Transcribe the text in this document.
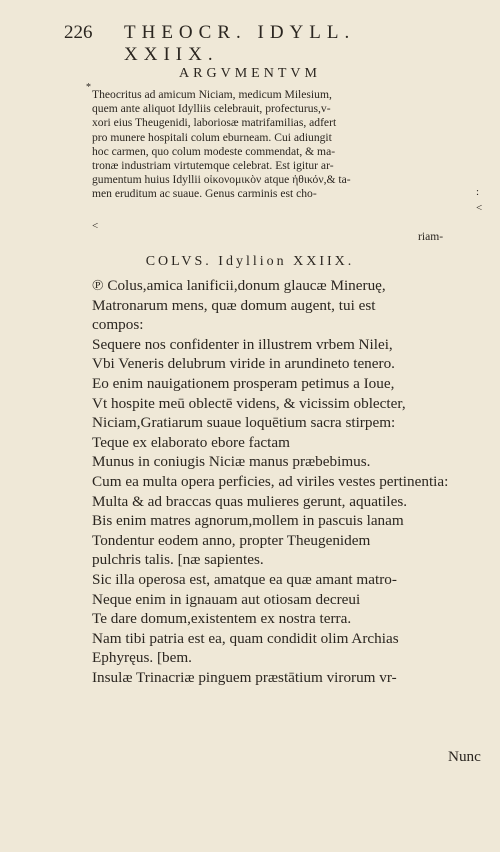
226 THEOCR. IDYLL. XXIIX.
ARGVMENTVM
*
Theocritus ad amicum Niciam, medicum Milesium,
quem ante aliquot Idylliis celebrauit, profecturus,v-
xori eius Theugenidi, laboriosæ matrifamilias, adfert
pro munere hospitali colum eburneam. Cui adiungit
hoc carmen, quo colum modeste commendat, & ma-
tronæ industriam virtutemque celebrat. Est igitur ar-
gumentum huius Idyllii οἰκονομικὸν atque ἠθικόν,& ta-
men eruditum ac suaue. Genus carminis est cho-	:
<
<
riam-
COLVS. Idyllion XXIIX.
℗ Colus,amica lanificii,donum glaucæ Mineruę,
Matronarum mens, quæ domum augent, tui est
compos:
Sequere nos confidenter in illustrem vrbem Nilei,
Vbi Veneris delubrum viride in arundineto tenero.
Eo enim nauigationem prosperam petimus a Ioue,
Vt hospite meū oblectē videns, & vicissim oblecter,
Niciam,Gratiarum suaue loquētium sacra stirpem:
Teque ex elaborato ebore factam
Munus in coniugis Niciæ manus præbebimus.
Cum ea multa opera perficies, ad viriles vestes pertinentia:
Multa & ad braccas quas mulieres gerunt, aquatiles.
Bis enim matres agnorum,mollem in pascuis lanam
Tondentur eodem anno, propter Theugenidem
pulchris talis. [næ sapientes.
Sic illa operosa est, amatque ea quæ amant matro-
Neque enim in ignauam aut otiosam decreui
Te dare domum,existentem ex nostra terra.
Nam tibi patria est ea, quam condidit olim Archias
Ephyręus. [bem.
Insulæ Trinacriæ pinguem præstātium virorum vr-
Nunc
